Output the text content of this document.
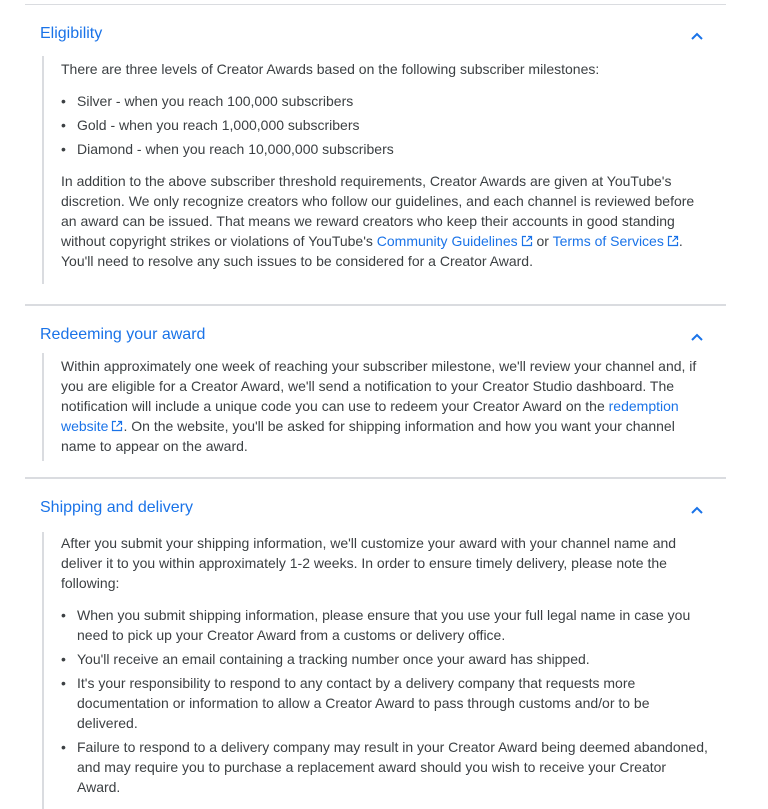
Eligibility

There are three levels of Creator Awards based on the following subscriber milestones:

• Silver - when you reach 100,000 subscribers
• Gold - when you reach 1,000,000 subscribers
• Diamond - when you reach 10,000,000 subscribers

In addition to the above subscriber threshold requirements, Creator Awards are given at YouTube's discretion. We only recognize creators who follow our guidelines, and each channel is reviewed before an award can be issued. That means we reward creators who keep their accounts in good standing without copyright strikes or violations of YouTube's Community Guidelines or Terms of Services . You'll need to resolve any such issues to be considered for a Creator Award.

Redeeming your award

Within approximately one week of reaching your subscriber milestone, we'll review your channel and, if you are eligible for a Creator Award, we'll send a notification to your Creator Studio dashboard. The notification will include a unique code you can use to redeem your Creator Award on the redemption website . On the website, you'll be asked for shipping information and how you want your channel name to appear on the award.

Shipping and delivery

After you submit your shipping information, we'll customize your award with your channel name and deliver it to you within approximately 1-2 weeks. In order to ensure timely delivery, please note the following:

• When you submit shipping information, please ensure that you use your full legal name in case you need to pick up your Creator Award from a customs or delivery office.
• You'll receive an email containing a tracking number once your award has shipped.
• It's your responsibility to respond to any contact by a delivery company that requests more documentation or information to allow a Creator Award to pass through customs and/or to be delivered.
• Failure to respond to a delivery company may result in your Creator Award being deemed abandoned, and may require you to purchase a replacement award should you wish to receive your Creator Award.
